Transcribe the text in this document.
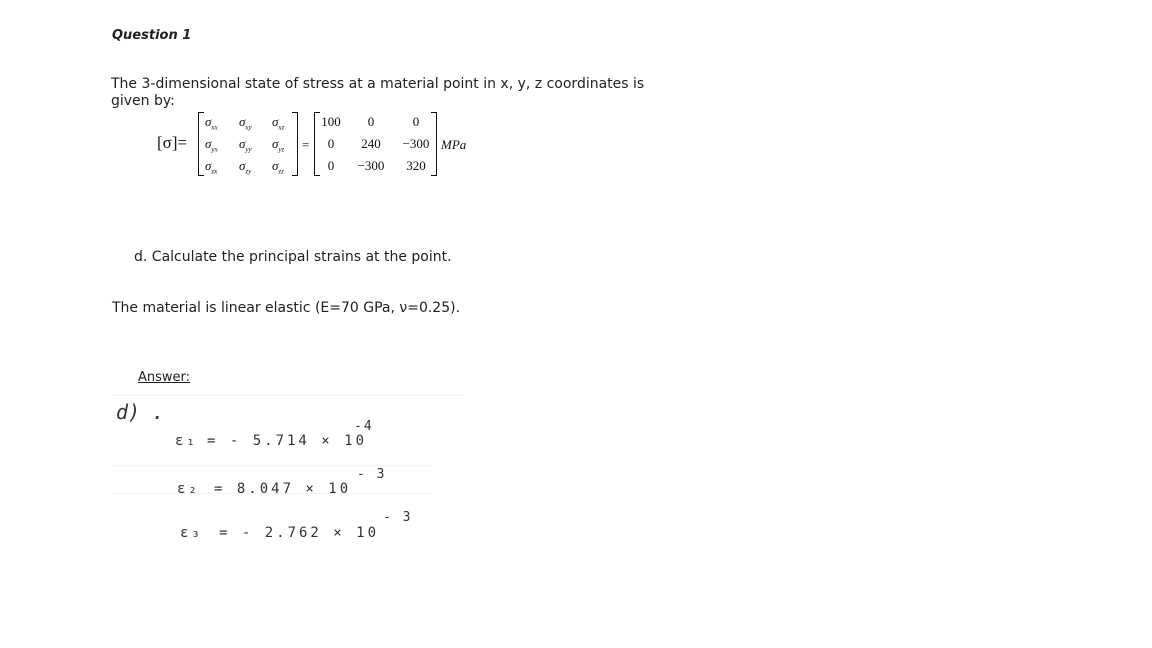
Question 1
The 3-dimensional state of stress at a material point in x, y, z coordinates is given by:
[σ]=
$\sigma_{xx}$ $\sigma_{xy}$ $\sigma_{xz}$
$\sigma_{yx}$ $\sigma_{yy}$ $\sigma_{yz}$
$\sigma_{zx}$ $\sigma_{zy}$ $\sigma_{zz}$
=
100	0	0
0	240	−300
0	−300	320
MPa
d. Calculate the principal strains at the point.
The material is linear elastic (E=70 GPa, ν=0.25).
Answer:
d) .
ε₁ = - 5.714 × 10
-4
ε₂ = 8.047 × 10
- 3
ε₃ = - 2.762 × 10
- 3
